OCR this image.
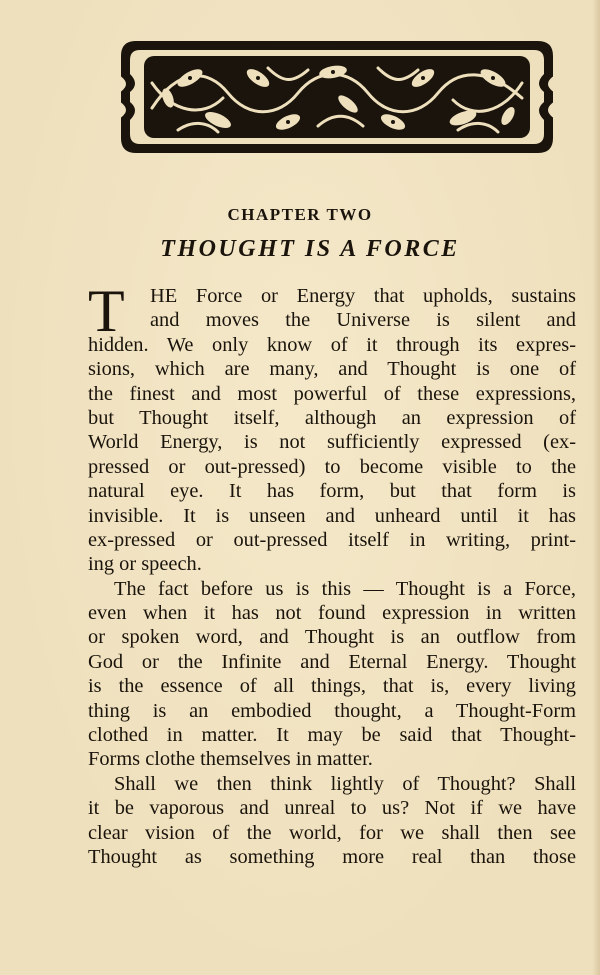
CHAPTER TWO
THOUGHT IS A FORCE
T	HE Force or Energy that upholds, sustains
and moves the Universe is silent and
hidden. We only know of it through its expres-
sions, which are many, and Thought is one of
the finest and most powerful of these expressions,
but Thought itself, although an expression of
World Energy, is not sufficiently expressed (ex-
pressed or out-pressed) to become visible to the
natural eye. It has form, but that form is
invisible. It is unseen and unheard until it has
ex-pressed or out-pressed itself in writing, print-
ing or speech.
The fact before us is this — Thought is a Force,
even when it has not found expression in written
or spoken word, and Thought is an outflow from
God or the Infinite and Eternal Energy. Thought
is the essence of all things, that is, every living
thing is an embodied thought, a Thought-Form
clothed in matter. It may be said that Thought-
Forms clothe themselves in matter.
Shall we then think lightly of Thought? Shall
it be vaporous and unreal to us? Not if we have
clear vision of the world, for we shall then see
Thought as something more real than those
